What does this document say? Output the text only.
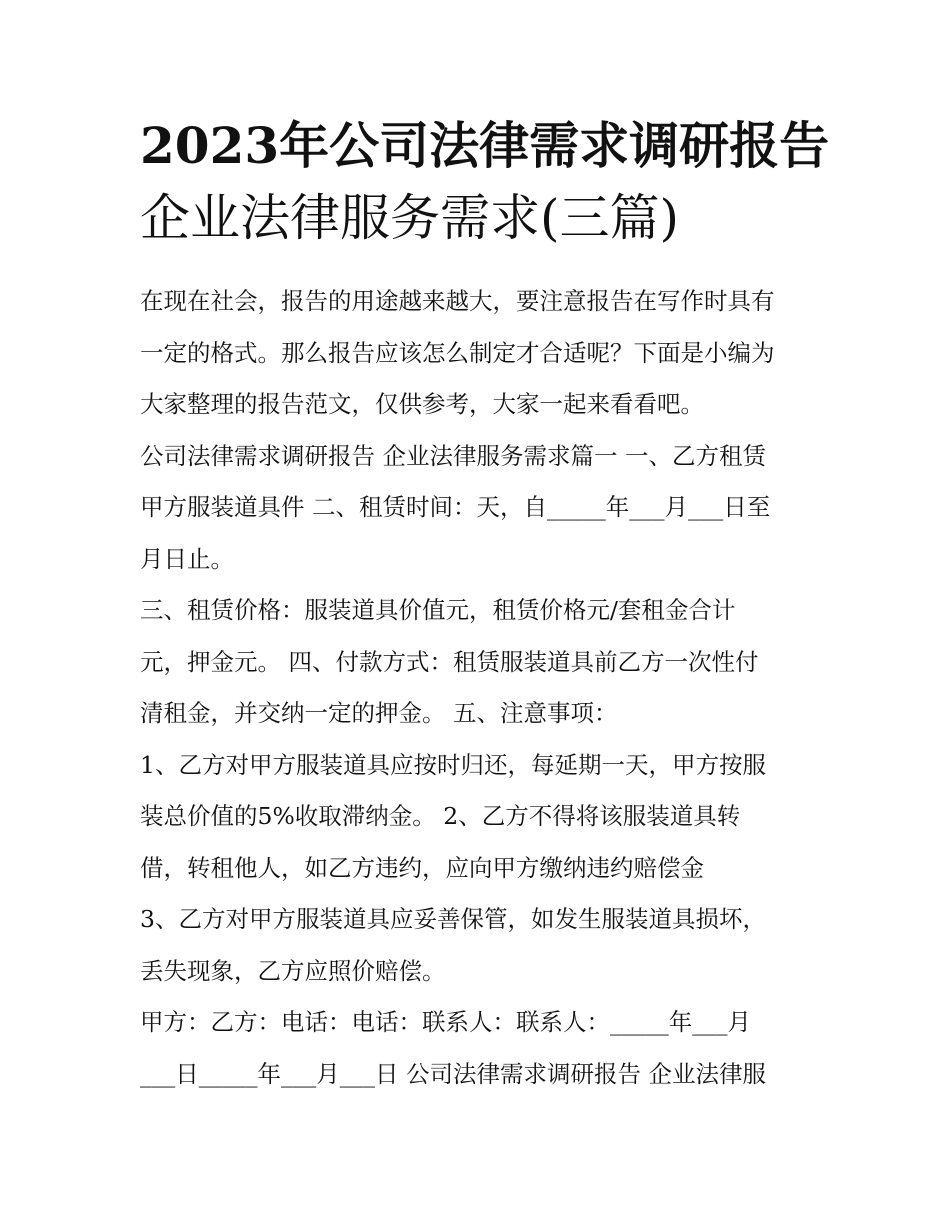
2023年公司法律需求调研报告
企业法律服务需求(三篇)

在现在社会，报告的用途越来越大，要注意报告在写作时具有

一定的格式。那么报告应该怎么制定才合适呢？下面是小编为

大家整理的报告范文，仅供参考，大家一起来看看吧。

公司法律需求调研报告 企业法律服务需求篇一 一、乙方租赁

甲方服装道具件 二、租赁时间：天，自_____年___月___日至

月日止。

三、租赁价格：服装道具价值元，租赁价格元/套租金合计

元，押金元。 四、付款方式：租赁服装道具前乙方一次性付

清租金，并交纳一定的押金。 五、注意事项：

1、乙方对甲方服装道具应按时归还，每延期一天，甲方按服

装总价值的5%收取滞纳金。 2、乙方不得将该服装道具转

借，转租他人，如乙方违约，应向甲方缴纳违约赔偿金

3、乙方对甲方服装道具应妥善保管，如发生服装道具损坏，

丢失现象，乙方应照价赔偿。

甲方：乙方：电话：电话：联系人：联系人：_____年___月

___日_____年___月___日 公司法律需求调研报告 企业法律服
